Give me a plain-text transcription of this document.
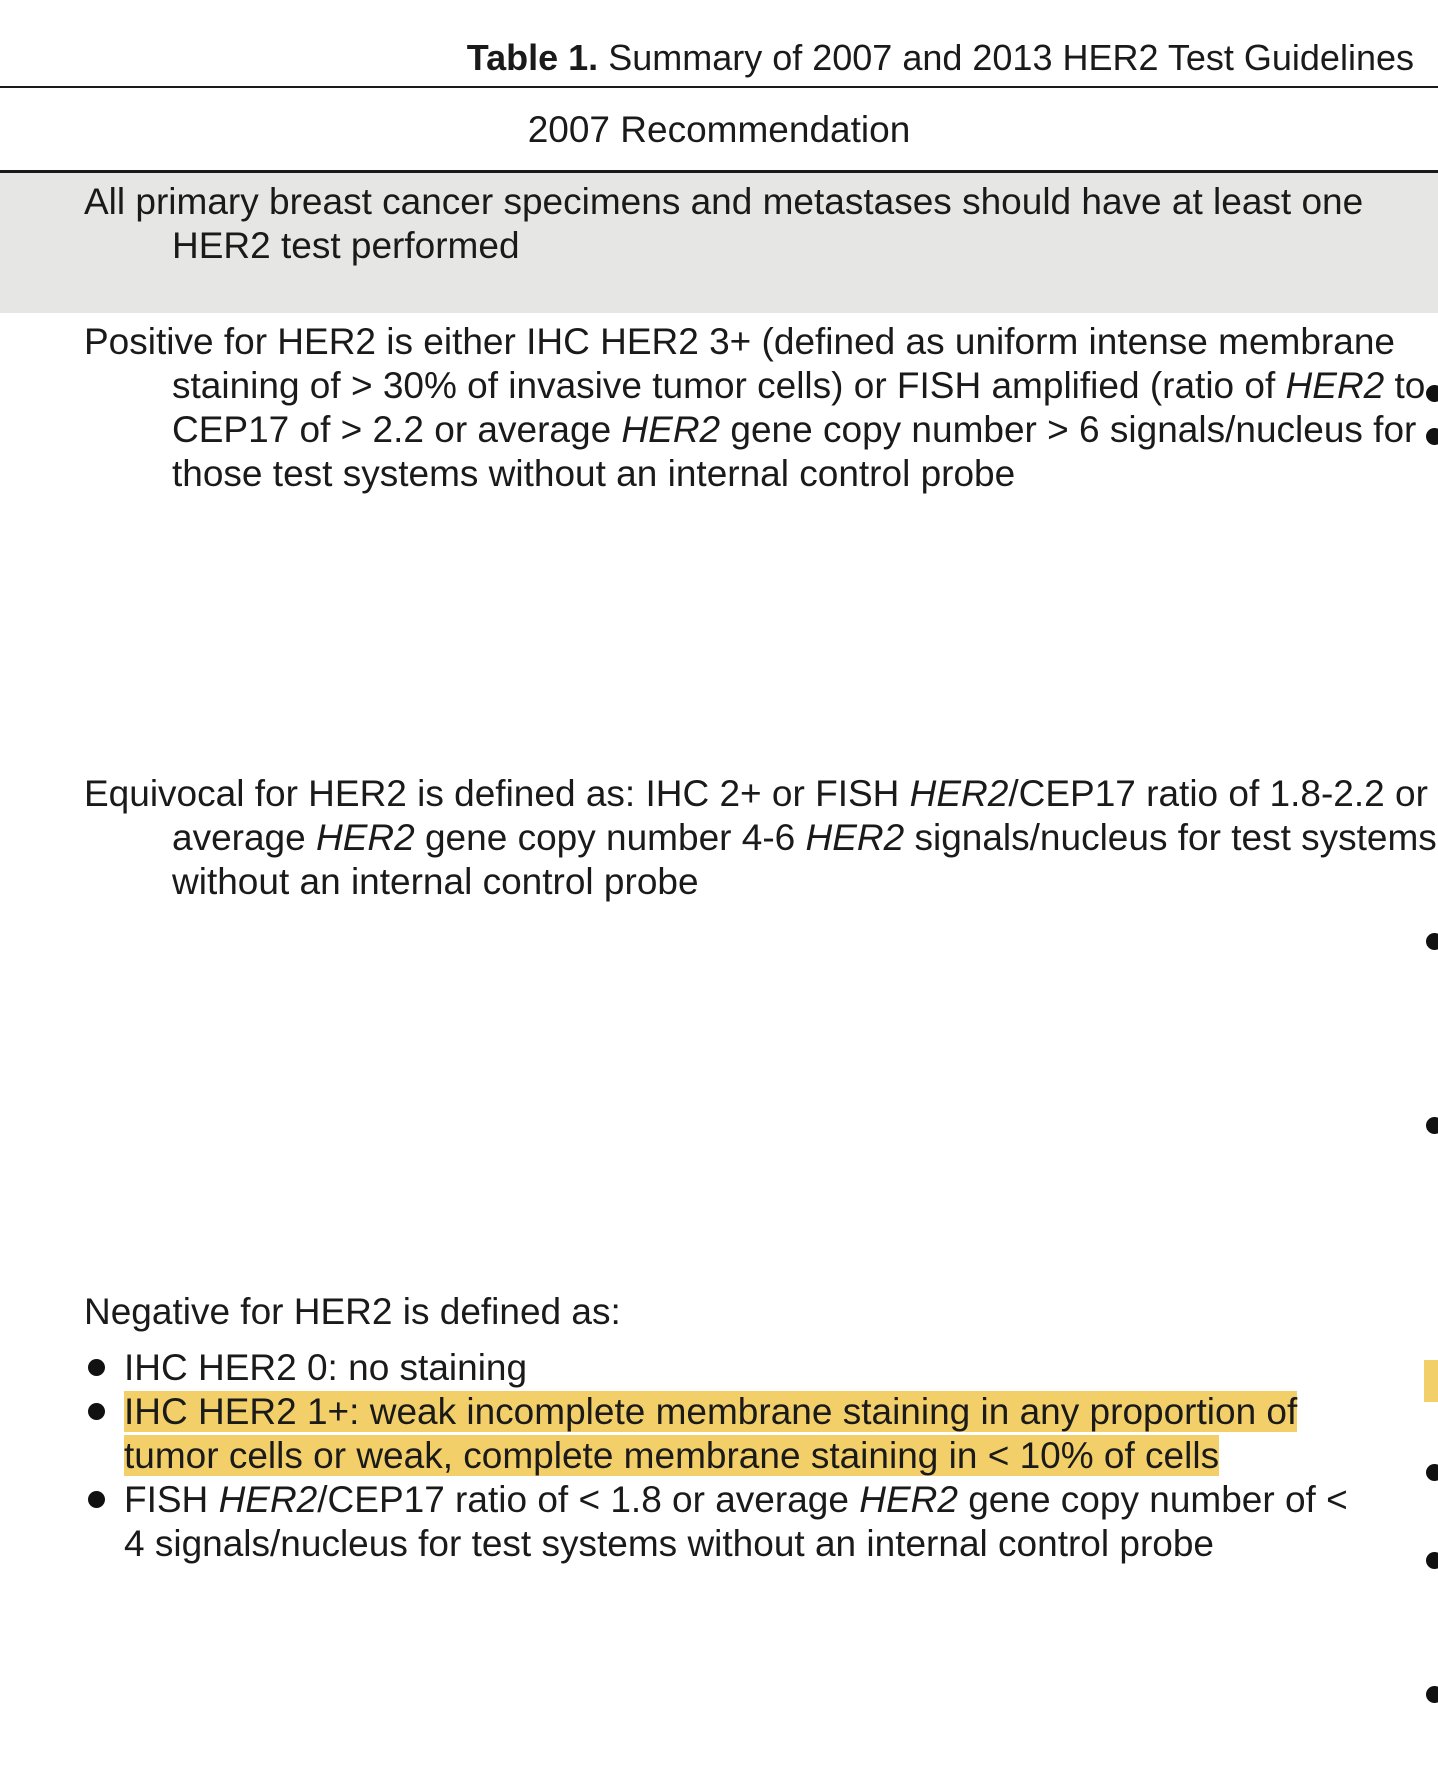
Table 1. Summary of 2007 and 2013 HER2 Test Guidelines
2007 Recommendation
All primary breast cancer specimens and metastases should have at least one HER2 test performed
Positive for HER2 is either IHC HER2 3+ (defined as uniform intense membrane staining of > 30% of invasive tumor cells) or FISH amplified (ratio of HER2 to CEP17 of > 2.2 or average HER2 gene copy number > 6 signals/nucleus for those test systems without an internal control probe
Equivocal for HER2 is defined as: IHC 2+ or FISH HER2/CEP17 ratio of 1.8-2.2 or average HER2 gene copy number 4-6 HER2 signals/nucleus for test systems without an internal control probe
Negative for HER2 is defined as:
IHC HER2 0: no staining
IHC HER2 1+: weak incomplete membrane staining in any proportion of tumor cells or weak, complete membrane staining in < 10% of cells
FISH HER2/CEP17 ratio of < 1.8 or average HER2 gene copy number of < 4 signals/nucleus for test systems without an internal control probe
